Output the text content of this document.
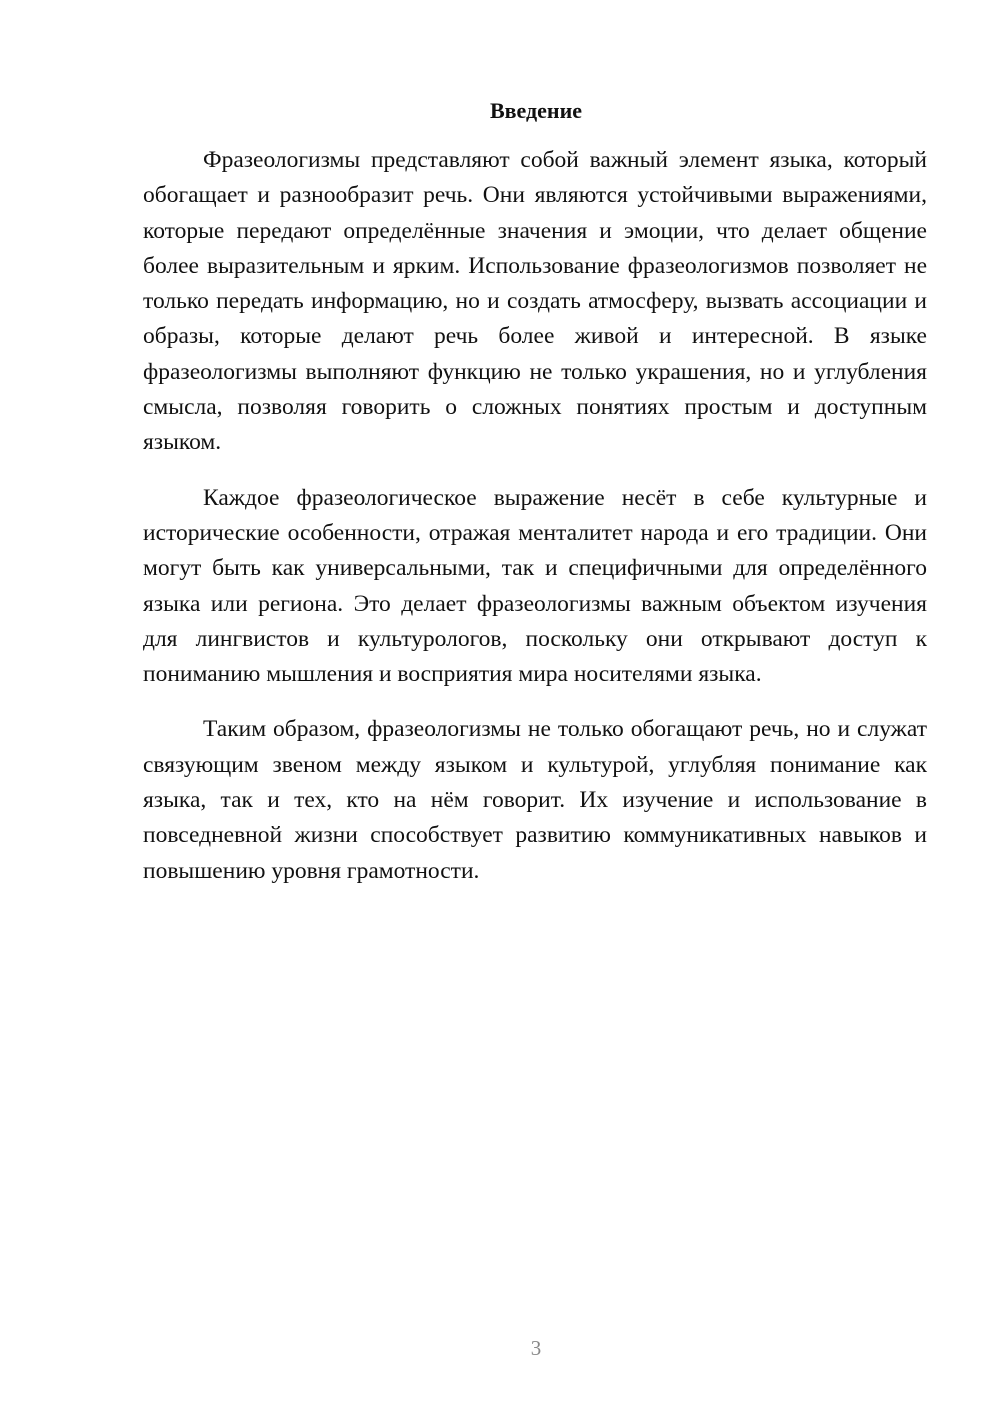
Введение

Фразеологизмы представляют собой важный элемент языка, который обогащает и разнообразит речь. Они являются устойчивыми выражениями, которые передают определённые значения и эмоции, что делает общение более выразительным и ярким. Использование фразеологизмов позволяет не только передать информацию, но и создать атмосферу, вызвать ассоциации и образы, которые делают речь более живой и интересной. В языке фразеологизмы выполняют функцию не только украшения, но и углубления смысла, позволяя говорить о сложных понятиях простым и доступным языком.

Каждое фразеологическое выражение несёт в себе культурные и исторические особенности, отражая менталитет народа и его традиции. Они могут быть как универсальными, так и специфичными для определённого языка или региона. Это делает фразеологизмы важным объектом изучения для лингвистов и культурологов, поскольку они открывают доступ к пониманию мышления и восприятия мира носителями языка.

Таким образом, фразеологизмы не только обогащают речь, но и служат связующим звеном между языком и культурой, углубляя понимание как языка, так и тех, кто на нём говорит. Их изучение и использование в повседневной жизни способствует развитию коммуникативных навыков и повышению уровня грамотности.

3
